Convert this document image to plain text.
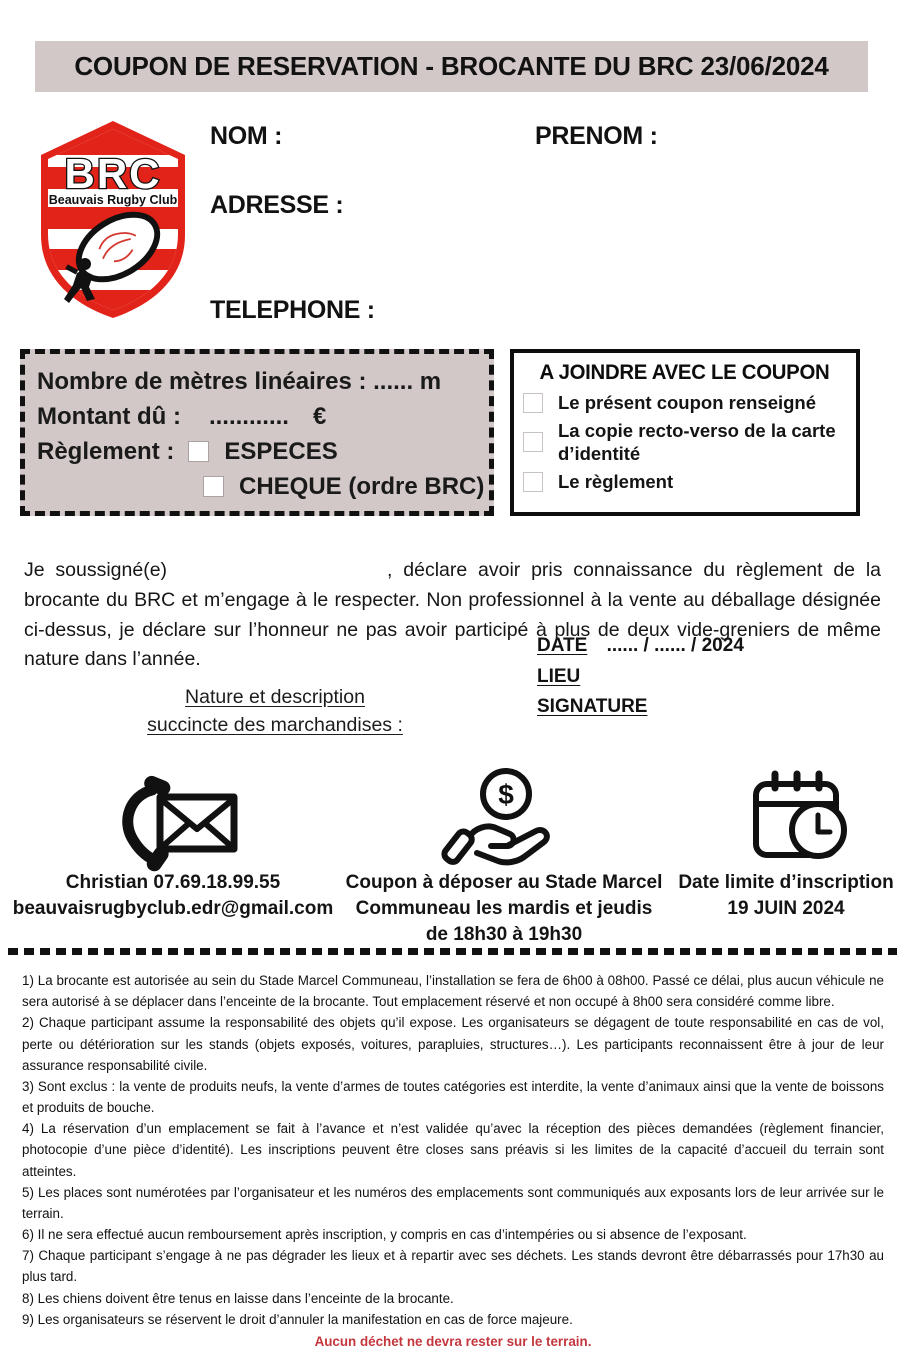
COUPON DE RESERVATION - BROCANTE DU BRC 23/06/2024
BRC
Beauvais Rugby Club
NOM :	PRENOM :
ADRESSE :
TELEPHONE :
Nombre de mètres linéaires : ...... m
Montant dû : ............ €
Règlement : ESPECES
CHEQUE (ordre BRC)
A JOINDRE AVEC LE COUPON
Le présent coupon renseigné
La copie recto-verso de la carte d’identité
Le règlement
Je soussigné(e)	, déclare avoir pris connaissance du règlement de la brocante du BRC et m’engage à le respecter. Non professionnel à la vente au déballage désignée ci-dessus, je déclare sur l’honneur ne pas avoir participé à plus de deux vide-greniers de même nature dans l’année.
DATE ...... / ...... / 2024
LIEU
SIGNATURE
Nature et description
succincte des marchandises :
$
Christian 07.69.18.99.55
beauvaisrugbyclub.edr@gmail.com
Coupon à déposer au Stade Marcel Communeau les mardis et jeudis de 18h30 à 19h30
Date limite d’inscription
19 JUIN 2024
1) La brocante est autorisée au sein du Stade Marcel Communeau, l’installation se fera de 6h00 à 08h00. Passé ce délai, plus aucun véhicule ne sera autorisé à se déplacer dans l’enceinte de la brocante. Tout emplacement réservé et non occupé à 8h00 sera considéré comme libre.
2) Chaque participant assume la responsabilité des objets qu’il expose. Les organisateurs se dégagent de toute responsabilité en cas de vol, perte ou détérioration sur les stands (objets exposés, voitures, parapluies, structures…). Les participants reconnaissent être à jour de leur assurance responsabilité civile.
3) Sont exclus : la vente de produits neufs, la vente d’armes de toutes catégories est interdite, la vente d’animaux ainsi que la vente de boissons et produits de bouche.
4) La réservation d’un emplacement se fait à l’avance et n’est validée qu’avec la réception des pièces demandées (règlement financier, photocopie d’une pièce d’identité). Les inscriptions peuvent être closes sans préavis si les limites de la capacité d’accueil du terrain sont atteintes.
5) Les places sont numérotées par l’organisateur et les numéros des emplacements sont communiqués aux exposants lors de leur arrivée sur le terrain.
6) Il ne sera effectué aucun remboursement après inscription, y compris en cas d’intempéries ou si absence de l’exposant.
7) Chaque participant s’engage à ne pas dégrader les lieux et à repartir avec ses déchets. Les stands devront être débarrassés pour 17h30 au plus tard.
8) Les chiens doivent être tenus en laisse dans l’enceinte de la brocante.
9) Les organisateurs se réservent le droit d’annuler la manifestation en cas de force majeure.
Aucun déchet ne devra rester sur le terrain.
